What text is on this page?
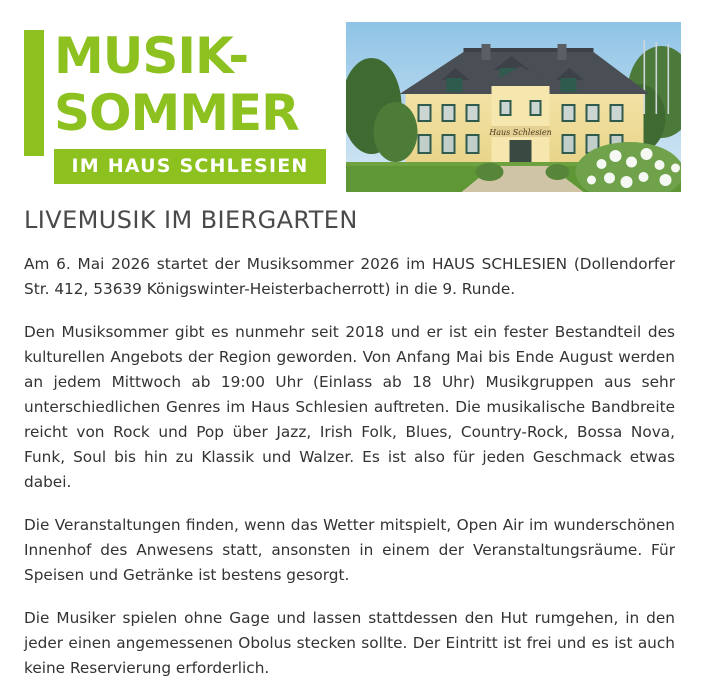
MUSIK-
SOMMER
IM HAUS SCHLESIEN
Haus Schlesien
LIVEMUSIK IM BIERGARTEN

Am 6. Mai 2026 startet der Musiksommer 2026 im HAUS SCHLESIEN (Dollendorfer Str. 412, 53639 Königswinter-Heisterbacherrott) in die 9. Runde.

Den Musiksommer gibt es nunmehr seit 2018 und er ist ein fester Bestandteil des kulturellen Angebots der Region geworden. Von Anfang Mai bis Ende August werden an jedem Mittwoch ab 19:00 Uhr (Einlass ab 18 Uhr) Musikgruppen aus sehr unterschiedlichen Genres im Haus Schlesien auftreten. Die musikalische Bandbreite reicht von Rock und Pop über Jazz, Irish Folk, Blues, Country-Rock, Bossa Nova, Funk, Soul bis hin zu Klassik und Walzer. Es ist also für jeden Geschmack etwas dabei.

Die Veranstaltungen finden, wenn das Wetter mitspielt, Open Air im wunderschönen Innenhof des Anwesens statt, ansonsten in einem der Veranstaltungsräume. Für Speisen und Getränke ist bestens gesorgt.

Die Musiker spielen ohne Gage und lassen stattdessen den Hut rumgehen, in den jeder einen angemessenen Obolus stecken sollte. Der Eintritt ist frei und es ist auch keine Reservierung erforderlich.
